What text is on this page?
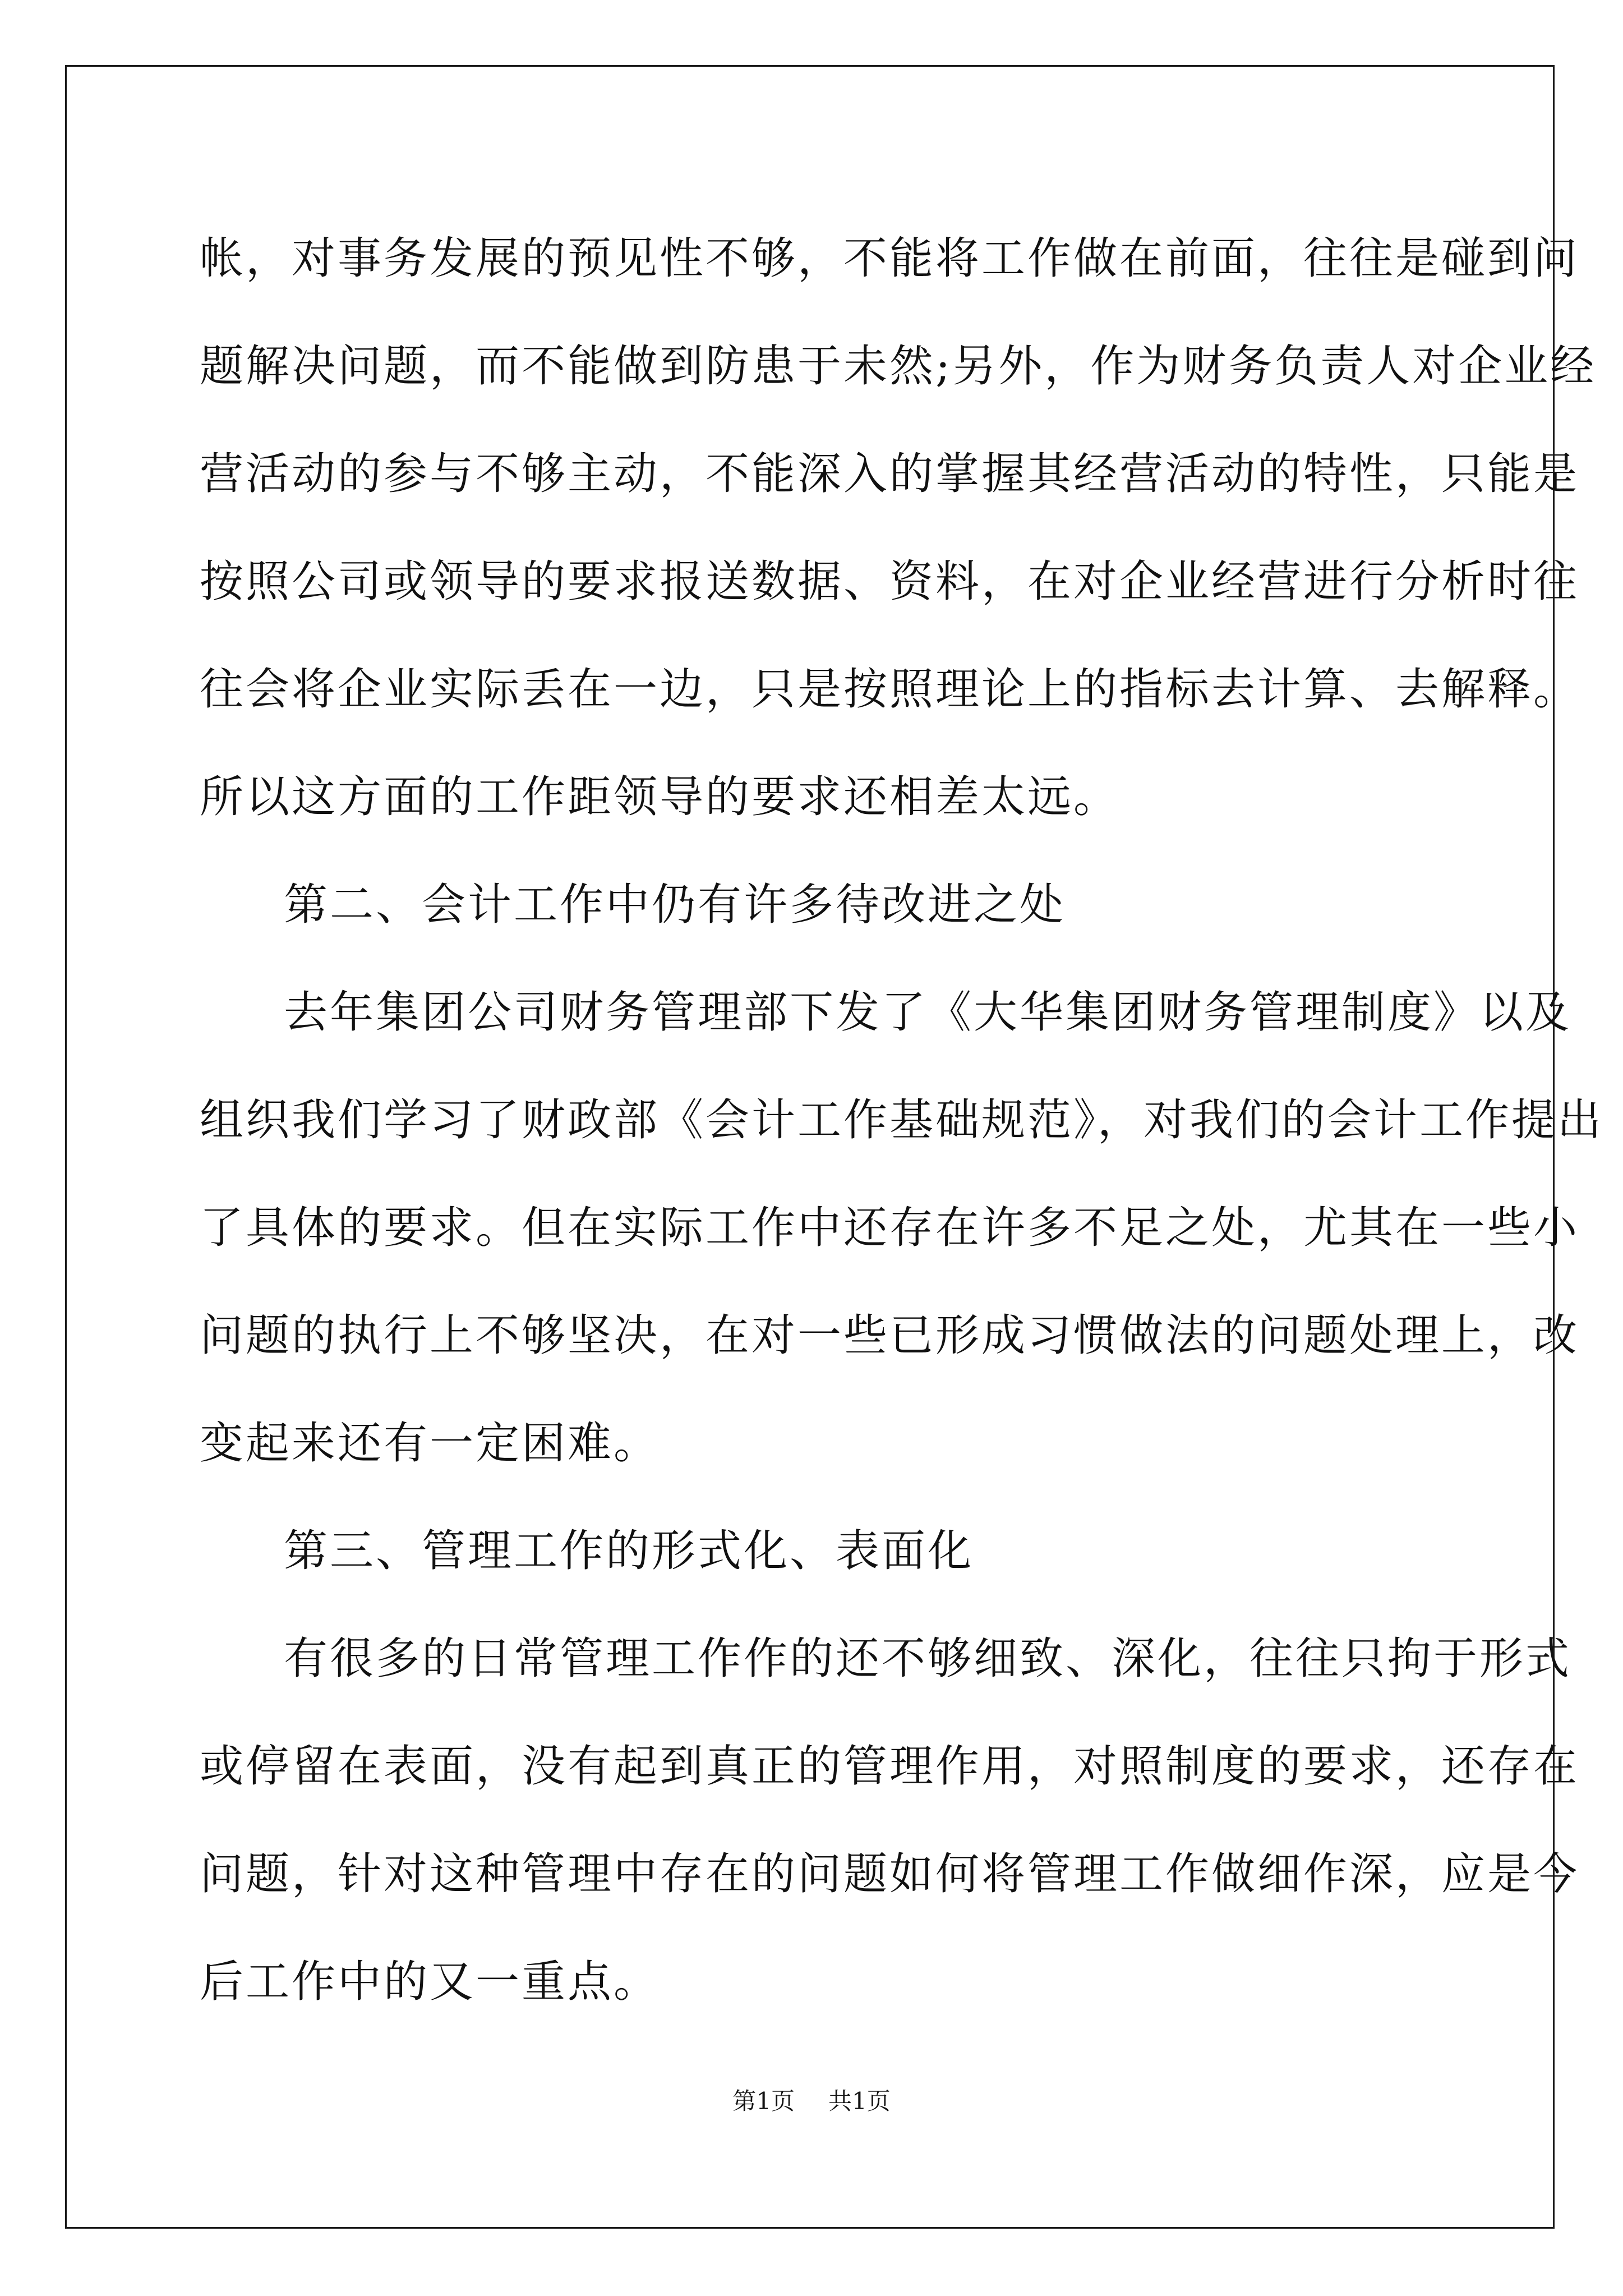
帐，对事务发展的预见性不够，不能将工作做在前面，往往是碰到问
题解决问题，而不能做到防患于未然;另外，作为财务负责人对企业经
营活动的参与不够主动，不能深入的掌握其经营活动的特性，只能是
按照公司或领导的要求报送数据、资料，在对企业经营进行分析时往
往会将企业实际丢在一边，只是按照理论上的指标去计算、去解释。
所以这方面的工作距领导的要求还相差太远。
第二、会计工作中仍有许多待改进之处
去年集团公司财务管理部下发了《大华集团财务管理制度》以及
组织我们学习了财政部《会计工作基础规范》，对我们的会计工作提出
了具体的要求。但在实际工作中还存在许多不足之处，尤其在一些小
问题的执行上不够坚决，在对一些已形成习惯做法的问题处理上，改
变起来还有一定困难。
第三、管理工作的形式化、表面化
有很多的日常管理工作作的还不够细致、深化，往往只拘于形式
或停留在表面，没有起到真正的管理作用，对照制度的要求，还存在
问题，针对这种管理中存在的问题如何将管理工作做细作深，应是今
后工作中的又一重点。
第1页 共1页
